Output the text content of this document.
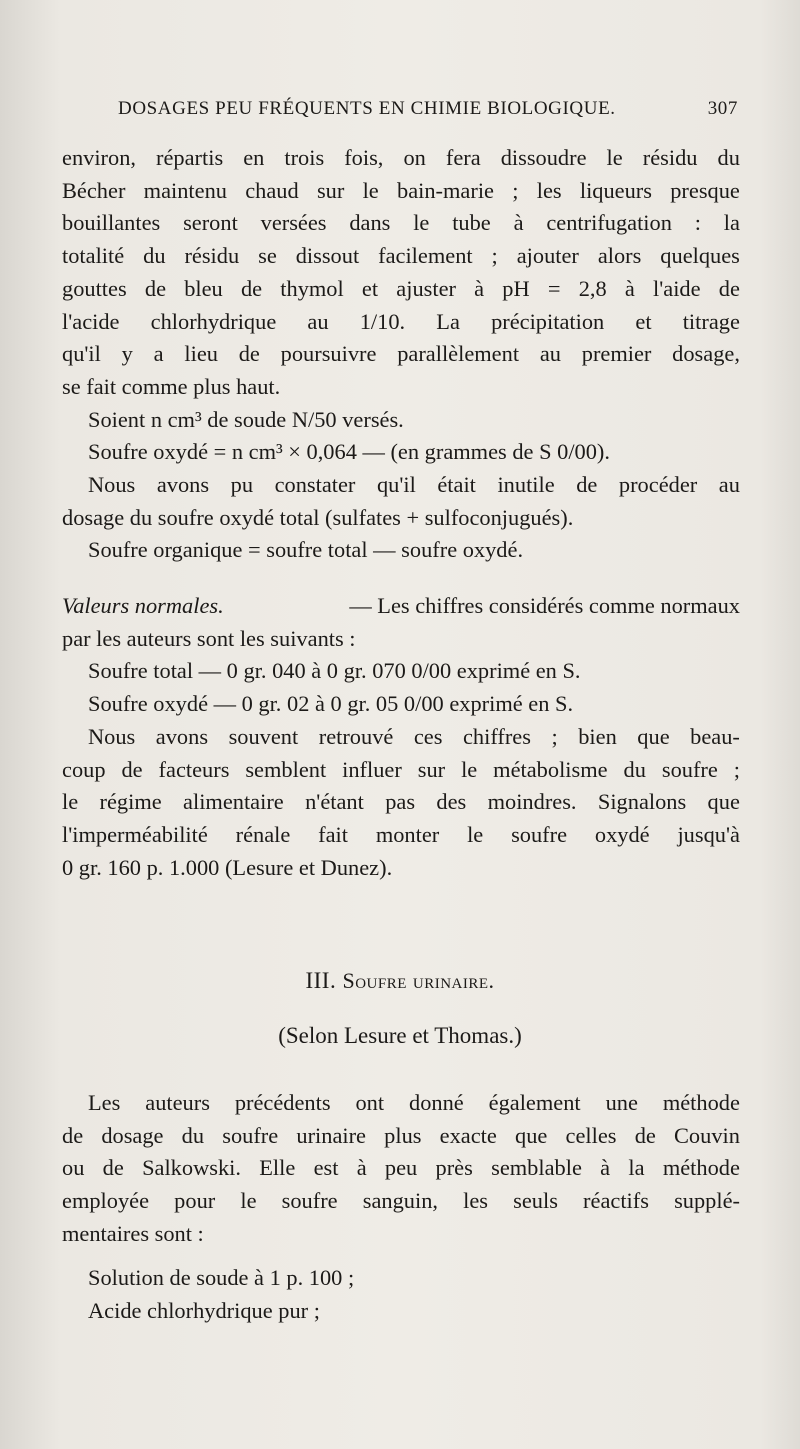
DOSAGES PEU FRÉQUENTS EN CHIMIE BIOLOGIQUE.	307
environ, répartis en trois fois, on fera dissoudre le résidu du
Bécher maintenu chaud sur le bain-marie ; les liqueurs presque
bouillantes seront versées dans le tube à centrifugation : la
totalité du résidu se dissout facilement ; ajouter alors quelques
gouttes de bleu de thymol et ajuster à pH = 2,8 à l'aide de
l'acide chlorhydrique au 1/10. La précipitation et titrage
qu'il y a lieu de poursuivre parallèlement au premier dosage,
se fait comme plus haut.
Soient n cm³ de soude N/50 versés.
Soufre oxydé = n cm³ × 0,064 — (en grammes de S 0/00).
Nous avons pu constater qu'il était inutile de procéder au
dosage du soufre oxydé total (sulfates + sulfoconjugués).
Soufre organique = soufre total — soufre oxydé.
Valeurs normales.	— Les chiffres considérés comme normaux
par les auteurs sont les suivants :
Soufre total — 0 gr. 040 à 0 gr. 070 0/00 exprimé en S.
Soufre oxydé — 0 gr. 02 à 0 gr. 05 0/00 exprimé en S.
Nous avons souvent retrouvé ces chiffres ; bien que beau-
coup de facteurs semblent influer sur le métabolisme du soufre ;
le régime alimentaire n'étant pas des moindres. Signalons que
l'imperméabilité rénale fait monter le soufre oxydé jusqu'à
0 gr. 160 p. 1.000 (Lesure et Dunez).
III. Soufre urinaire.
(Selon Lesure et Thomas.)
Les auteurs précédents ont donné également une méthode
de dosage du soufre urinaire plus exacte que celles de Couvin
ou de Salkowski. Elle est à peu près semblable à la méthode
employée pour le soufre sanguin, les seuls réactifs supplé-
mentaires sont :
Solution de soude à 1 p. 100 ;
Acide chlorhydrique pur ;
